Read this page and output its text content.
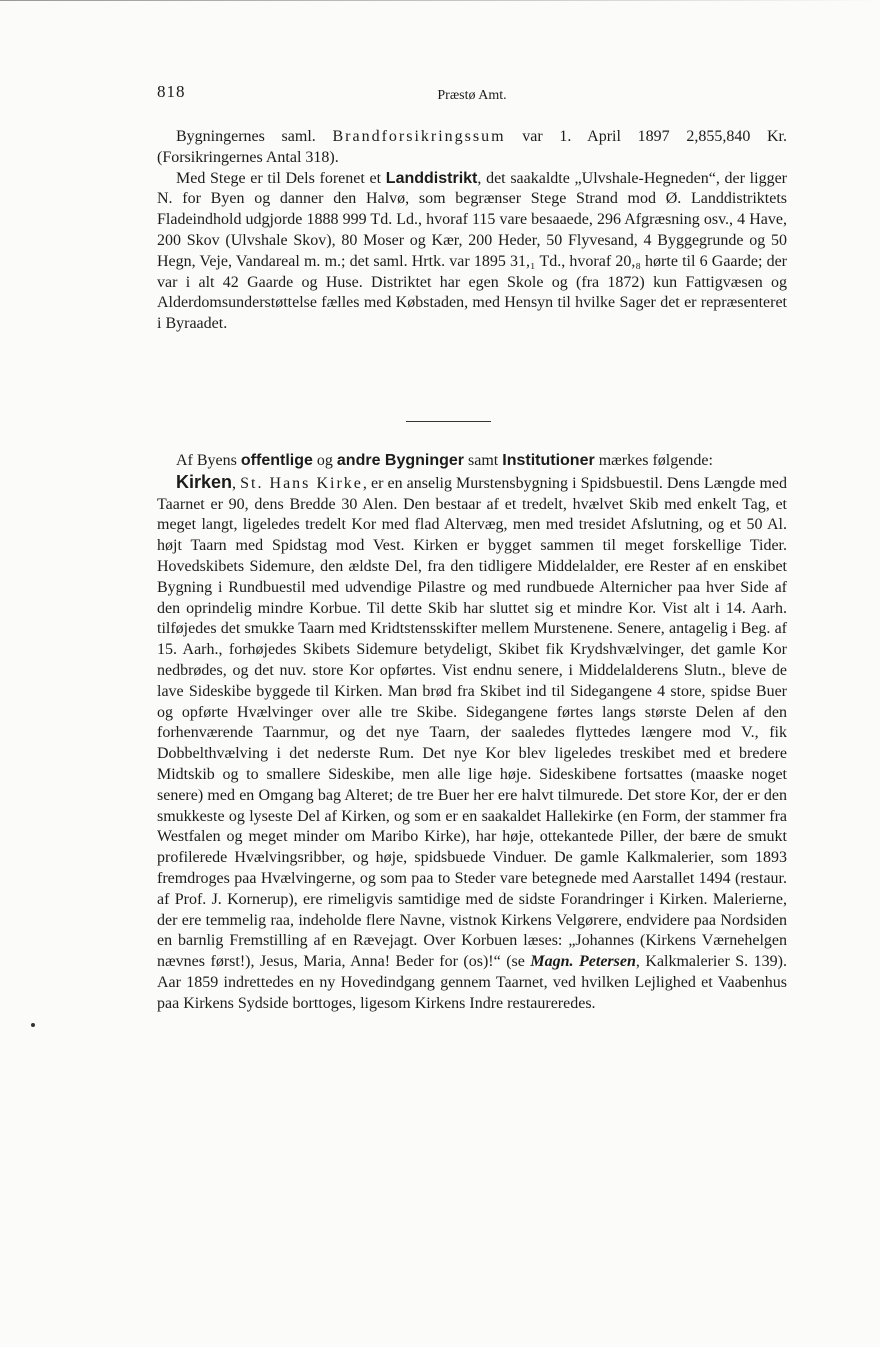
818	Præstø Amt.

Bygningernes saml. Brandforsikringssum var 1. April 1897 2,855,840 Kr. (Forsikringernes Antal 318).

Med Stege er til Dels forenet et Landdistrikt, det saakaldte „Ulvshale-Hegneden“, der ligger N. for Byen og danner den Halvø, som begrænser Stege Strand mod Ø. Landdistriktets Fladeindhold udgjorde 1888 999 Td. Ld., hvoraf 115 vare besaaede, 296 Afgræsning osv., 4 Have, 200 Skov (Ulvshale Skov), 80 Moser og Kær, 200 Heder, 50 Flyvesand, 4 Byggegrunde og 50 Hegn, Veje, Vandareal m. m.; det saml. Hrtk. var 1895 31,₁ Td., hvoraf 20,₈ hørte til 6 Gaarde; der var i alt 42 Gaarde og Huse. Distriktet har egen Skole og (fra 1872) kun Fattigvæsen og Alderdomsunderstøttelse fælles med Købstaden, med Hensyn til hvilke Sager det er repræsenteret i Byraadet.

Af Byens offentlige og andre Bygninger samt Institutioner mærkes følgende:

Kirken, St. Hans Kirke, er en anselig Murstensbygning i Spidsbuestil. Dens Længde med Taarnet er 90, dens Bredde 30 Alen. Den bestaar af et tredelt, hvælvet Skib med enkelt Tag, et meget langt, ligeledes tredelt Kor med flad Altervæg, men med tresidet Afslutning, og et 50 Al. højt Taarn med Spidstag mod Vest. Kirken er bygget sammen til meget forskellige Tider. Hovedskibets Sidemure, den ældste Del, fra den tidligere Middelalder, ere Rester af en enskibet Bygning i Rundbuestil med udvendige Pilastre og med rundbuede Alternicher paa hver Side af den oprindelig mindre Korbue. Til dette Skib har sluttet sig et mindre Kor. Vist alt i 14. Aarh. tilføjedes det smukke Taarn med Kridtstensskifter mellem Murstenene. Senere, antagelig i Beg. af 15. Aarh., forhøjedes Skibets Sidemure betydeligt, Skibet fik Krydshvælvinger, det gamle Kor nedbrødes, og det nuv. store Kor opførtes. Vist endnu senere, i Middelalderens Slutn., bleve de lave Sideskibe byggede til Kirken. Man brød fra Skibet ind til Sidegangene 4 store, spidse Buer og opførte Hvælvinger over alle tre Skibe. Sidegangene førtes langs største Delen af den forhenværende Taarnmur, og det nye Taarn, der saaledes flyttedes længere mod V., fik Dobbelthvælving i det nederste Rum. Det nye Kor blev ligeledes treskibet med et bredere Midtskib og to smallere Sideskibe, men alle lige høje. Sideskibene fortsattes (maaske noget senere) med en Omgang bag Alteret; de tre Buer her ere halvt tilmurede. Det store Kor, der er den smukkeste og lyseste Del af Kirken, og som er en saakaldet Hallekirke (en Form, der stammer fra Westfalen og meget minder om Maribo Kirke), har høje, ottekantede Piller, der bære de smukt profilerede Hvælvingsribber, og høje, spidsbuede Vinduer. De gamle Kalkmalerier, som 1893 fremdroges paa Hvælvingerne, og som paa to Steder vare betegnede med Aarstallet 1494 (restaur. af Prof. J. Kornerup), ere rimeligvis samtidige med de sidste Forandringer i Kirken. Malerierne, der ere temmelig raa, indeholde flere Navne, vistnok Kirkens Velgørere, endvidere paa Nordsiden en barnlig Fremstilling af en Rævejagt. Over Korbuen læses: „Johannes (Kirkens Værnehelgen nævnes først!), Jesus, Maria, Anna! Beder for (os)!“ (se Magn. Petersen, Kalkmalerier S. 139). Aar 1859 indrettedes en ny Hovedindgang gennem Taarnet, ved hvilken Lejlighed et Vaabenhus paa Kirkens Sydside borttoges, ligesom Kirkens Indre restaureredes.
